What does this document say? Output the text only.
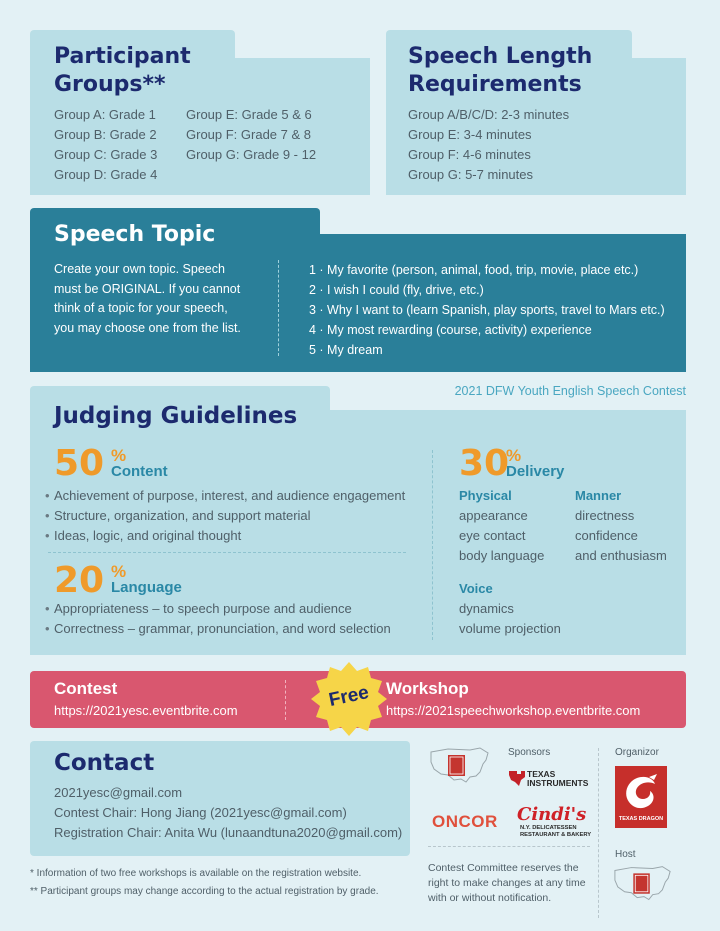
Participant
Groups**
Group A: Grade 1
Group B: Grade 2
Group C: Grade 3
Group D: Grade 4
Group E: Grade 5 & 6
Group F: Grade 7 & 8
Group G: Grade 9 - 12
Speech Length
Requirements
Group A/B/C/D: 2-3 minutes
Group E: 3-4 minutes
Group F: 4-6 minutes
Group G: 5-7 minutes
Speech Topic
Create your own topic. Speech
must be ORIGINAL. If you cannot
think of a topic for your speech,
you may choose one from the list.
1 · My favorite (person, animal, food, trip, movie, place etc.)
2 · I wish I could (fly, drive, etc.)
3 · Why I want to (learn Spanish, play sports, travel to Mars etc.)
4 · My most rewarding (course, activity) experience
5 · My dream
2021 DFW Youth English Speech Contest
Judging Guidelines
50 %
Content
• Achievement of purpose, interest, and audience engagement
• Structure, organization, and support material
• Ideas, logic, and original thought
20 %
Language
• Appropriateness – to speech purpose and audience
• Correctness – grammar, pronunciation, and word selection
30
%
Delivery
Physical
appearance
eye contact
body language
Manner
directness
confidence
and enthusiasm
Voice
dynamics
volume projection
Contest
https://2021yesc.eventbrite.com	Free Workshop
https://2021speechworkshop.eventbrite.com
Contact
2021yesc@gmail.com
Contest Chair: Hong Jiang (2021yesc@gmail.com)
Registration Chair: Anita Wu (lunaandtuna2020@gmail.com)
* Information of two free workshops is available on the registration website.
** Participant groups may change according to the actual registration by grade.
Sponsors
TEXAS
INSTRUMENTS
ONCOR Cindi's
N.Y. DELICATESSEN
RESTAURANT & BAKERY
Contest Committee reserves the
right to make changes at any time
with or without notification.
Organizor
TEXAS DRAGON
Host
